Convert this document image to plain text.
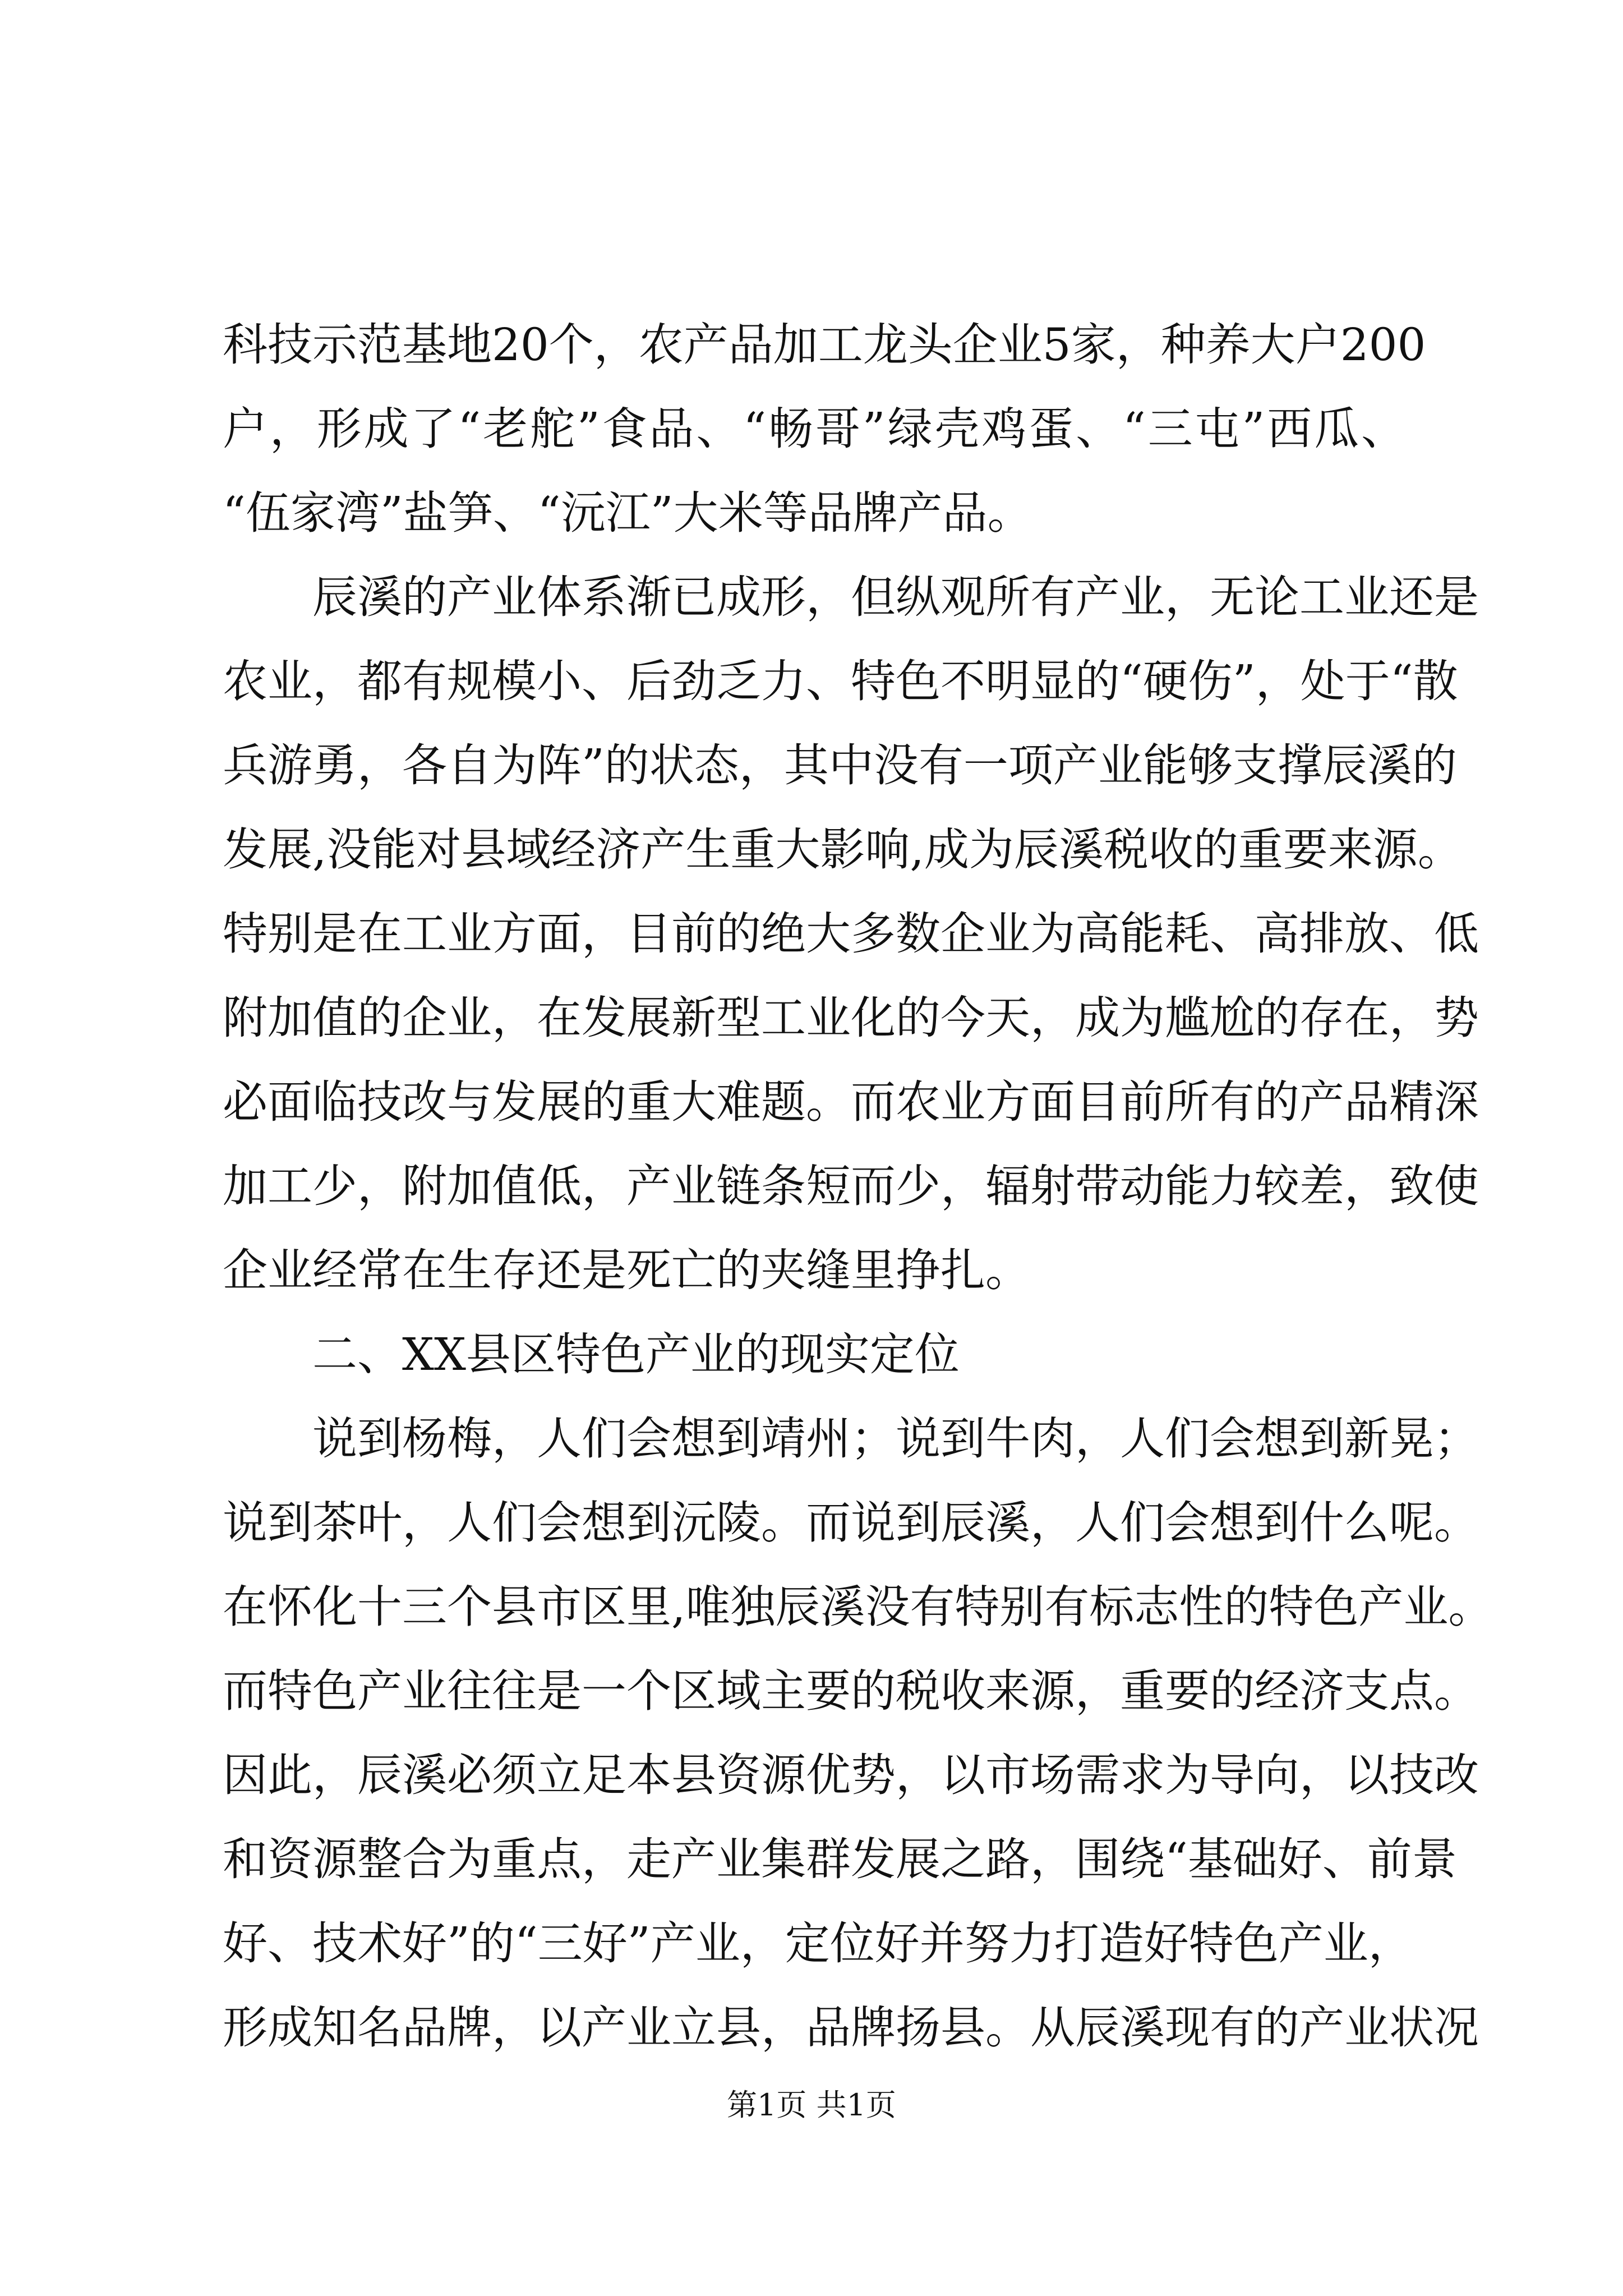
科技示范基地20个，农产品加工龙头企业5家，种养大户200
户，形成了“老舵”食品、“畅哥”绿壳鸡蛋、“三屯”西瓜、
“伍家湾”盐笋、“沅江”大米等品牌产品。
辰溪的产业体系渐已成形，但纵观所有产业，无论工业还是
农业，都有规模小、后劲乏力、特色不明显的“硬伤”，处于“散
兵游勇，各自为阵”的状态，其中没有一项产业能够支撑辰溪的
发展,没能对县域经济产生重大影响,成为辰溪税收的重要来源。
特别是在工业方面，目前的绝大多数企业为高能耗、高排放、低
附加值的企业，在发展新型工业化的今天，成为尴尬的存在，势
必面临技改与发展的重大难题。而农业方面目前所有的产品精深
加工少，附加值低，产业链条短而少，辐射带动能力较差，致使
企业经常在生存还是死亡的夹缝里挣扎。
二、XX县区特色产业的现实定位
说到杨梅，人们会想到靖州；说到牛肉，人们会想到新晃；
说到茶叶，人们会想到沅陵。而说到辰溪，人们会想到什么呢。
在怀化十三个县市区里,唯独辰溪没有特别有标志性的特色产业。
而特色产业往往是一个区域主要的税收来源，重要的经济支点。
因此，辰溪必须立足本县资源优势，以市场需求为导向，以技改
和资源整合为重点，走产业集群发展之路，围绕“基础好、前景
好、技术好”的“三好”产业，定位好并努力打造好特色产业，
形成知名品牌，以产业立县，品牌扬县。从辰溪现有的产业状况
第1页 共1页
